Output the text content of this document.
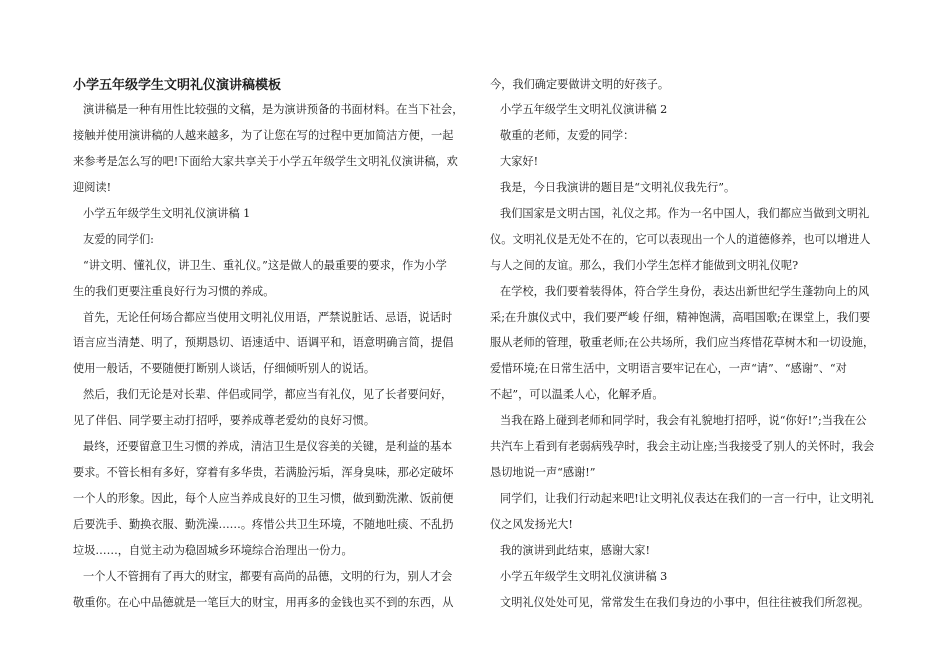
小学五年级学生文明礼仪演讲稿模板
演讲稿是一种有用性比较强的文稿，是为演讲预备的书面材料。在当下社会，
接触并使用演讲稿的人越来越多，为了让您在写的过程中更加简洁方便，一起
来参考是怎么写的吧!下面给大家共享关于小学五年级学生文明礼仪演讲稿，欢
迎阅读!
小学五年级学生文明礼仪演讲稿 1
友爱的同学们:
“讲文明、懂礼仪，讲卫生、重礼仪。”这是做人的最重要的要求，作为小学
生的我们更要注重良好行为习惯的养成。
首先，无论任何场合都应当使用文明礼仪用语，严禁说脏话、忌语，说话时
语言应当清楚、明了，预期恳切、语速适中、语调平和，语意明确言简，提倡
使用一般话，不要随便打断别人谈话，仔细倾听别人的说话。
然后，我们无论是对长辈、伴侣或同学，都应当有礼仪，见了长者要问好，
见了伴侣、同学要主动打招呼，要养成尊老爱幼的良好习惯。
最终，还要留意卫生习惯的养成，清洁卫生是仪容美的关键，是利益的基本
要求。不管长相有多好，穿着有多华贵，若满脸污垢，浑身臭味，那必定破坏
一个人的形象。因此，每个人应当养成良好的卫生习惯，做到勤洗漱、饭前便
后要洗手、勤换衣服、勤洗澡……。疼惜公共卫生环境，不随地吐痰、不乱扔
垃圾……，自觉主动为稳固城乡环境综合治理出一份力。
一个人不管拥有了再大的财宝，都要有高尚的品德，文明的行为，别人才会
敬重你。在心中品德就是一笔巨大的财宝，用再多的金钱也买不到的东西，从
今，我们确定要做讲文明的好孩子。
小学五年级学生文明礼仪演讲稿 2
敬重的老师，友爱的同学：
大家好!
我是，今日我演讲的题目是“文明礼仪我先行”。
我们国家是文明古国，礼仪之邦。作为一名中国人，我们都应当做到文明礼
仪。文明礼仪是无处不在的，它可以表现出一个人的道德修养，也可以增进人
与人之间的友谊。那么，我们小学生怎样才能做到文明礼仪呢?
在学校，我们要着装得体，符合学生身份，表达出新世纪学生蓬勃向上的风
采;在升旗仪式中，我们要严峻 仔细，精神饱满，高唱国歌;在课堂上，我们要
服从老师的管理，敬重老师;在公共场所，我们应当疼惜花草树木和一切设施，
爱惜环境;在日常生活中，文明语言要牢记在心，一声“请”、“感谢”、“对
不起”，可以温柔人心，化解矛盾。
当我在路上碰到老师和同学时，我会有礼貌地打招呼，说“你好!”;当我在公
共汽车上看到有老弱病残孕时，我会主动让座;当我接受了别人的关怀时，我会
恳切地说一声“感谢!”
同学们，让我们行动起来吧!让文明礼仪表达在我们的一言一行中，让文明礼
仪之风发扬光大!
我的演讲到此结束，感谢大家!
小学五年级学生文明礼仪演讲稿 3
文明礼仪处处可见，常常发生在我们身边的小事中，但往往被我们所忽视。
